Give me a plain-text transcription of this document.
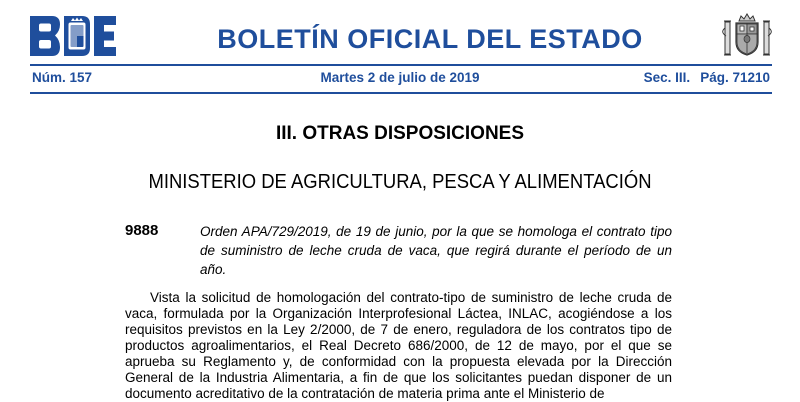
BOLETÍN OFICIAL DEL ESTADO
Núm. 157	Martes 2 de julio de 2019	Sec. III. Pág. 71210
III. OTRAS DISPOSICIONES
MINISTERIO DE AGRICULTURA, PESCA Y ALIMENTACIÓN
9888	Orden APA/729/2019, de 19 de junio, por la que se homologa el contrato tipo de suministro de leche cruda de vaca, que regirá durante el período de un año.

Vista la solicitud de homologación del contrato-tipo de suministro de leche cruda de vaca, formulada por la Organización Interprofesional Láctea, INLAC, acogiéndose a los requisitos previstos en la Ley 2/2000, de 7 de enero, reguladora de los contratos tipo de productos agroalimentarios, el Real Decreto 686/2000, de 12 de mayo, por el que se aprueba su Reglamento y, de conformidad con la propuesta elevada por la Dirección General de la Industria Alimentaria, a fin de que los solicitantes puedan disponer de un documento acreditativo de la contratación de materia prima ante el Ministerio de
